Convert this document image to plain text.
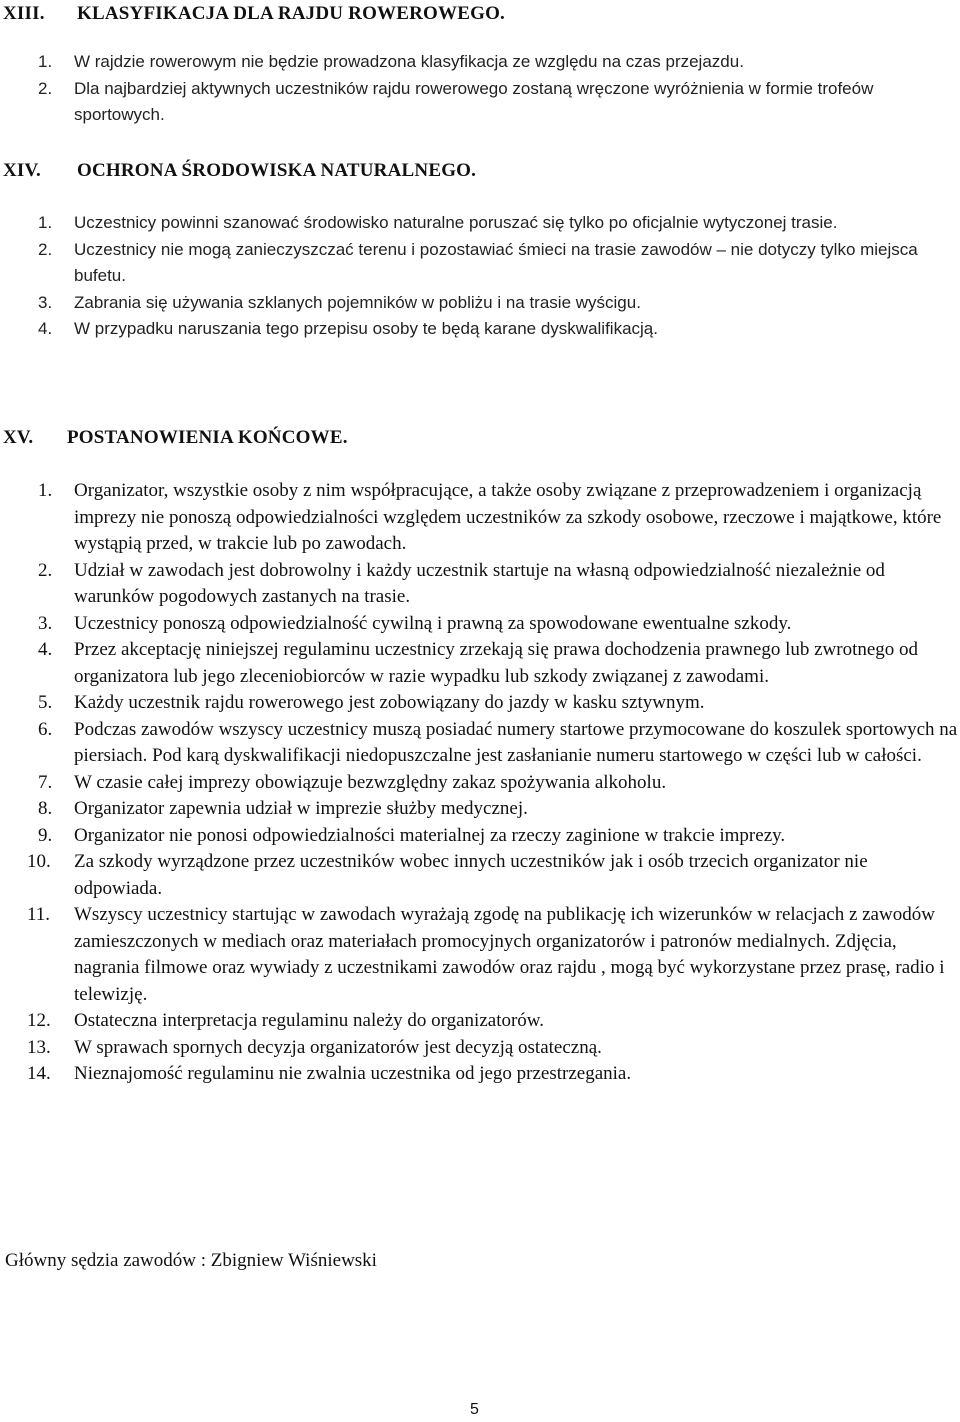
XIII. KLASYFIKACJA DLA RAJDU ROWEROWEGO.
1. W rajdzie rowerowym nie będzie prowadzona klasyfikacja ze względu na czas przejazdu.
2. Dla najbardziej aktywnych uczestników rajdu rowerowego zostaną wręczone wyróżnienia w formie trofeów sportowych.
XIV. OCHRONA ŚRODOWISKA NATURALNEGO.
1. Uczestnicy powinni szanować środowisko naturalne poruszać się tylko po oficjalnie wytyczonej trasie.
2. Uczestnicy nie mogą zanieczyszczać terenu i pozostawiać śmieci na trasie zawodów – nie dotyczy tylko miejsca bufetu.
3. Zabrania się używania szklanych pojemników w pobliżu i na trasie wyścigu.
4. W przypadku naruszania tego przepisu osoby te będą karane dyskwalifikacją.
XV. POSTANOWIENIA KOŃCOWE.
1. Organizator, wszystkie osoby z nim współpracujące, a także osoby związane z przeprowadzeniem i organizacją imprezy nie ponoszą odpowiedzialności względem uczestników za szkody osobowe, rzeczowe i majątkowe, które wystąpią przed, w trakcie lub po zawodach.
2. Udział w zawodach jest dobrowolny i każdy uczestnik startuje na własną odpowiedzialność niezależnie od warunków pogodowych zastanych na trasie.
3. Uczestnicy ponoszą odpowiedzialność cywilną i prawną za spowodowane ewentualne szkody.
4. Przez akceptację niniejszej regulaminu uczestnicy zrzekają się prawa dochodzenia prawnego lub zwrotnego od organizatora lub jego zleceniobiorców w razie wypadku lub szkody związanej z zawodami.
5. Każdy uczestnik rajdu rowerowego jest zobowiązany do jazdy w kasku sztywnym.
6. Podczas zawodów wszyscy uczestnicy muszą posiadać numery startowe przymocowane do koszulek sportowych na piersiach. Pod karą dyskwalifikacji niedopuszczalne jest zasłanianie numeru startowego w części lub w całości.
7. W czasie całej imprezy obowiązuje bezwzględny zakaz spożywania alkoholu.
8. Organizator zapewnia udział w imprezie służby medycznej.
9. Organizator nie ponosi odpowiedzialności materialnej za rzeczy zaginione w trakcie imprezy.
10. Za szkody wyrządzone przez uczestników wobec innych uczestników jak i osób trzecich organizator nie odpowiada.
11. Wszyscy uczestnicy startując w zawodach wyrażają zgodę na publikację ich wizerunków w relacjach z zawodów zamieszczonych w mediach oraz materiałach promocyjnych organizatorów i patronów medialnych. Zdjęcia, nagrania filmowe oraz wywiady z uczestnikami zawodów oraz rajdu , mogą być wykorzystane przez prasę, radio i telewizję.
12. Ostateczna interpretacja regulaminu należy do organizatorów.
13. W sprawach spornych decyzja organizatorów jest decyzją ostateczną.
14. Nieznajomość regulaminu nie zwalnia uczestnika od jego przestrzegania.
Główny sędzia zawodów : Zbigniew Wiśniewski
5
